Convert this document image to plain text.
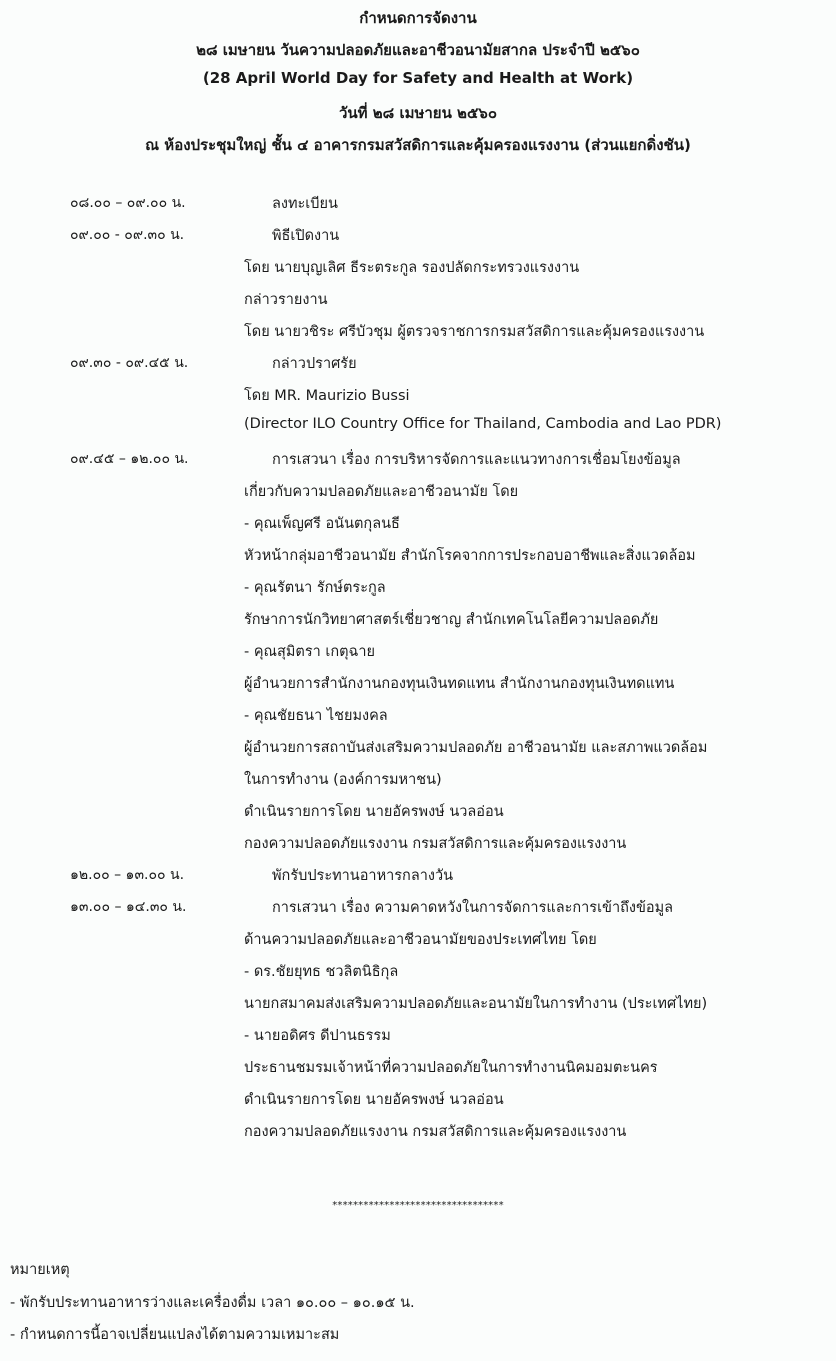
กำหนดการจัดงาน
๒๘ เมษายน วันความปลอดภัยและอาชีวอนามัยสากล ประจำปี ๒๕๖๐
(28 April World Day for Safety and Health at Work)
วันที่ ๒๘ เมษายน ๒๕๖๐
ณ ห้องประชุมใหญ่ ชั้น ๔ อาคารกรมสวัสดิการและคุ้มครองแรงงาน (ส่วนแยกดิ่งชัน)
๐๘.๐๐ – ๐๙.๐๐ น.	ลงทะเบียน
๐๙.๐๐ - ๐๙.๓๐ น.	พิธีเปิดงาน
โดย นายบุญเลิศ ธีระตระกูล รองปลัดกระทรวงแรงงาน
กล่าวรายงาน
โดย นายวชิระ ศรีบัวชุม ผู้ตรวจราชการกรมสวัสดิการและคุ้มครองแรงงาน
๐๙.๓๐ - ๐๙.๔๕ น.	กล่าวปราศรัย
โดย MR. Maurizio Bussi
(Director ILO Country Office for Thailand, Cambodia and Lao PDR)
๐๙.๔๕ – ๑๒.๐๐ น.	การเสวนา เรื่อง การบริหารจัดการและแนวทางการเชื่อมโยงข้อมูล
เกี่ยวกับความปลอดภัยและอาชีวอนามัย โดย
- คุณเพ็ญศรี อนันตกุลนธี
หัวหน้ากลุ่มอาชีวอนามัย สำนักโรคจากการประกอบอาชีพและสิ่งแวดล้อม
- คุณรัตนา รักษ์ตระกูล
รักษาการนักวิทยาศาสตร์เชี่ยวชาญ สำนักเทคโนโลยีความปลอดภัย
- คุณสุมิตรา เกตุฉาย
ผู้อำนวยการสำนักงานกองทุนเงินทดแทน สำนักงานกองทุนเงินทดแทน
- คุณชัยธนา ไชยมงคล
ผู้อำนวยการสถาบันส่งเสริมความปลอดภัย อาชีวอนามัย และสภาพแวดล้อม
ในการทำงาน (องค์การมหาชน)
ดำเนินรายการโดย นายอัครพงษ์ นวลอ่อน
กองความปลอดภัยแรงงาน กรมสวัสดิการและคุ้มครองแรงงาน
๑๒.๐๐ – ๑๓.๐๐ น.	พักรับประทานอาหารกลางวัน
๑๓.๐๐ – ๑๔.๓๐ น.	การเสวนา เรื่อง ความคาดหวังในการจัดการและการเข้าถึงข้อมูล
ด้านความปลอดภัยและอาชีวอนามัยของประเทศไทย โดย
- ดร.ชัยยุทธ ชวลิตนิธิกุล
นายกสมาคมส่งเสริมความปลอดภัยและอนามัยในการทำงาน (ประเทศไทย)
- นายอดิศร ดีปานธรรม
ประธานชมรมเจ้าหน้าที่ความปลอดภัยในการทำงานนิคมอมตะนคร
ดำเนินรายการโดย นายอัครพงษ์ นวลอ่อน
กองความปลอดภัยแรงงาน กรมสวัสดิการและคุ้มครองแรงงาน
*********************************
หมายเหตุ
- พักรับประทานอาหารว่างและเครื่องดื่ม เวลา ๑๐.๐๐ – ๑๐.๑๕ น.
- กำหนดการนี้อาจเปลี่ยนแปลงได้ตามความเหมาะสม
